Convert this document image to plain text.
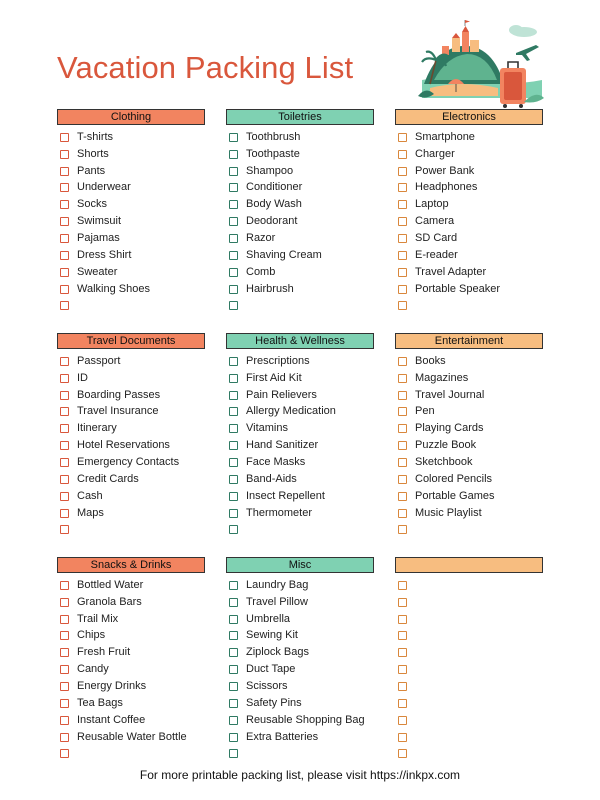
Vacation Packing List
Clothing
T-shirts
Shorts
Pants
Underwear
Socks
Swimsuit
Pajamas
Dress Shirt
Sweater
Walking Shoes
Toiletries
Toothbrush
Toothpaste
Shampoo
Conditioner
Body Wash
Deodorant
Razor
Shaving Cream
Comb
Hairbrush
Electronics
Smartphone
Charger
Power Bank
Headphones
Laptop
Camera
SD Card
E-reader
Travel Adapter
Portable Speaker
Travel Documents
Passport
ID
Boarding Passes
Travel Insurance
Itinerary
Hotel Reservations
Emergency Contacts
Credit Cards
Cash
Maps
Health & Wellness
Prescriptions
First Aid Kit
Pain Relievers
Allergy Medication
Vitamins
Hand Sanitizer
Face Masks
Band-Aids
Insect Repellent
Thermometer
Entertainment
Books
Magazines
Travel Journal
Pen
Playing Cards
Puzzle Book
Sketchbook
Colored Pencils
Portable Games
Music Playlist
Snacks & Drinks
Bottled Water
Granola Bars
Trail Mix
Chips
Fresh Fruit
Candy
Energy Drinks
Tea Bags
Instant Coffee
Reusable Water Bottle
Misc
Laundry Bag
Travel Pillow
Umbrella
Sewing Kit
Ziplock Bags
Duct Tape
Scissors
Safety Pins
Reusable Shopping Bag
Extra Batteries
For more printable packing list, please visit https://inkpx.com
